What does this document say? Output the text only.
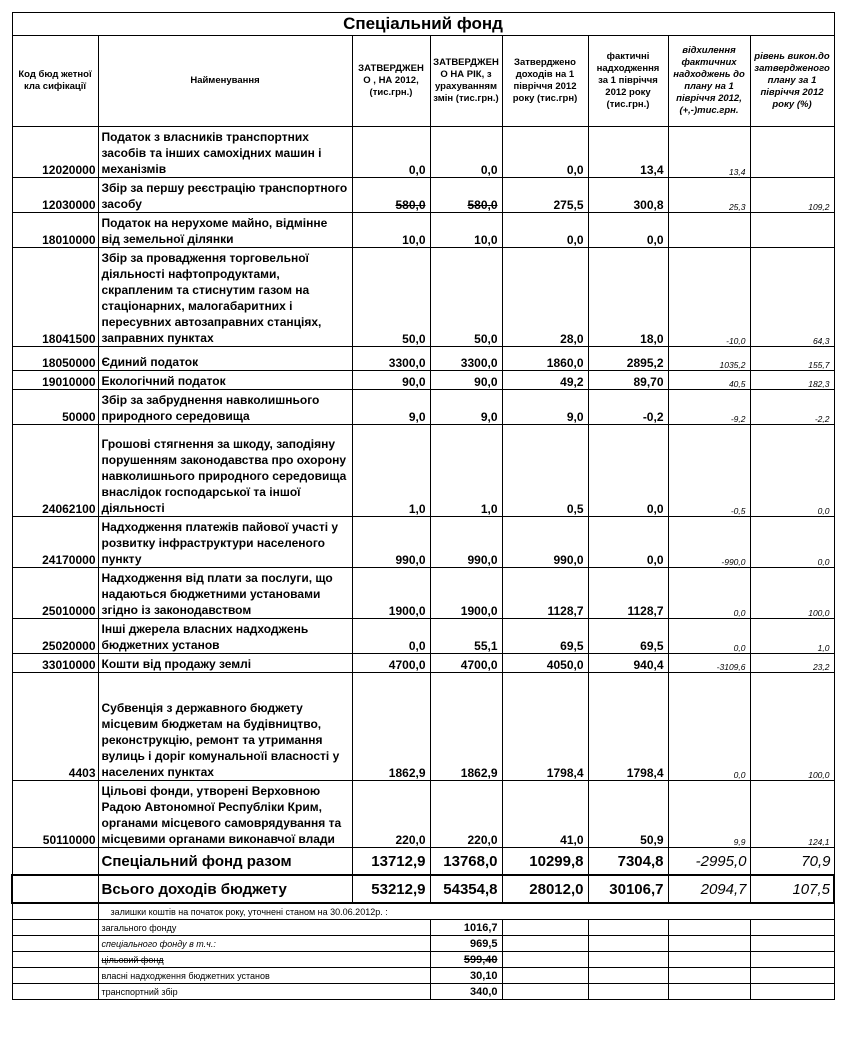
Спеціальний фонд							
Код бюд жетної кла сифікації	Найменування	ЗАТВЕРДЖЕН О , НА 2012, (тис.грн.)	ЗАТВЕРДЖЕН О НА РІК, з урахуванням змін (тис.грн.)	Затверджено доходів на 1 півріччя 2012 року (тис.грн)	фактичні надходження за 1 півріччя 2012 року (тис.грн.)	відхилення фактичних надходжень до плану на 1 півріччя 2012, (+,-)тис.грн.	рівень викон.до затвердженого плану за 1 півріччя 2012 року (%)
12020000	Податок з власників транспортних засобів та інших самохідних машин і механізмів	0,0	0,0	0,0	13,4	13,4	
12030000	Збір за першу реєстрацію транспортного засобу	580,0	580,0	275,5	300,8	25,3	109,2
18010000	Податок на нерухоме майно, відмінне від земельної ділянки	10,0	10,0	0,0	0,0		
18041500	Збір за провадження торговельної діяльності нафтопродуктами, скрапленим та стиснутим газом на стаціонарних, малогабаритних і пересувних автозаправних станціях, заправних пунктах	50,0	50,0	28,0	18,0	-10,0	64,3
18050000	Єдиний податок	3300,0	3300,0	1860,0	2895,2	1035,2	155,7
19010000	Екологічний податок	90,0	90,0	49,2	89,70	40,5	182,3
50000	Збір за забруднення навколишнього природного середовища	9,0	9,0	9,0	-0,2	-9,2	-2,2
24062100	Грошові стягнення за шкоду, заподіяну порушенням законодавства про охорону навколишнього природного середовища внаслідок господарської та іншої діяльності	1,0	1,0	0,5	0,0	-0,5	0,0
24170000	Надходження платежів пайової участі у розвитку інфраструктури населеного пункту	990,0	990,0	990,0	0,0	-990,0	0,0
25010000	Надходження від плати за послуги, що надаються бюджетними установами згідно із законодавством	1900,0	1900,0	1128,7	1128,7	0,0	100,0
25020000	Інші джерела власних надходжень бюджетних установ	0,0	55,1	69,5	69,5	0,0	1,0
33010000	Кошти від продажу землі	4700,0	4700,0	4050,0	940,4	-3109,6	23,2
4403	Субвенція з державного бюджету місцевим бюджетам на будівництво, реконструкцію, ремонт та утримання вулиць і доріг комунальноїі власності у населених пунктах	1862,9	1862,9	1798,4	1798,4	0,0	100,0
50110000	Цільові фонди, утворені Верховною Радою Автономної Республіки Крим, органами місцевого самоврядування та місцевими органами виконавчої влади	220,0	220,0	41,0	50,9	9,9	124,1
	Спеціальний фонд разом	13712,9	13768,0	10299,8	7304,8	-2995,0	70,9
	Всього доходів бюджету	53212,9	54354,8	28012,0	30106,7	2094,7	107,5
	залишки коштів на початок року, уточнені станом на 30.06.2012р. :						
	загального фонду		1016,7				
	спеціального фонду в т.ч.:		969,5				
	цільовий фонд		599,40				
	власні надходження бюджетних установ		30,10				
	транспортний збір		340,0				
